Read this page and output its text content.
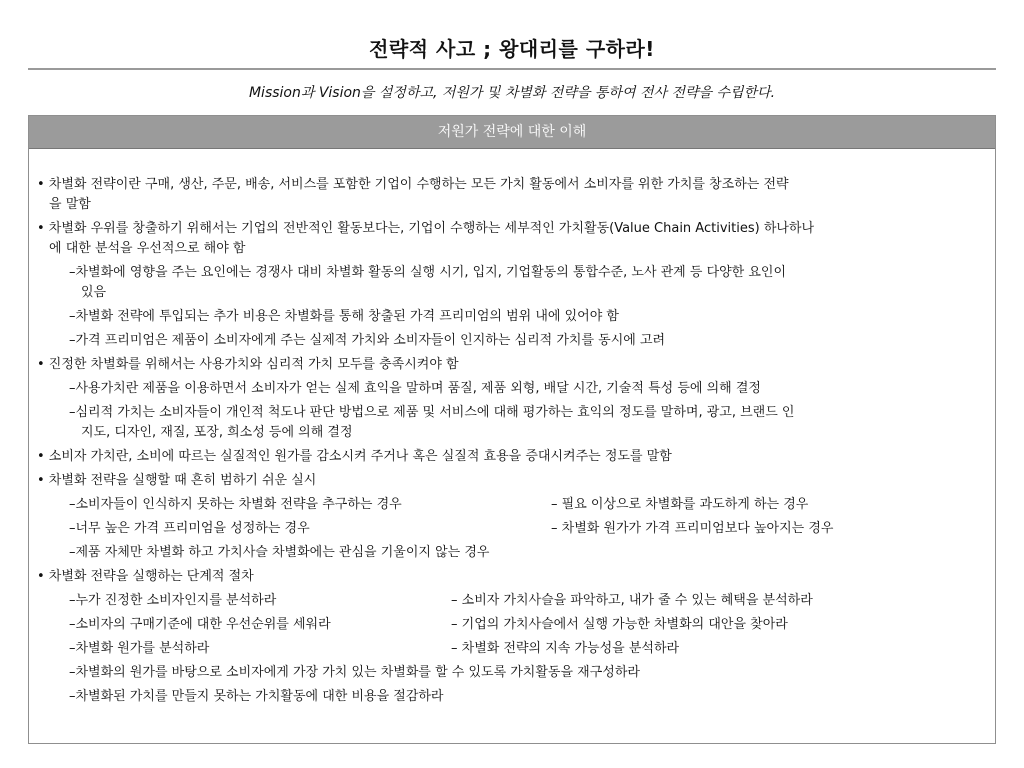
전략적 사고 ; 왕대리를 구하라!
Mission과 Vision을 설정하고, 저원가 및 차별화 전략을 통하여 전사 전략을 수립한다.
저원가 전략에 대한 이해
• 차별화 전략이란 구매, 생산, 주문, 배송, 서비스를 포함한 기업이 수행하는 모든 가치 활동에서 소비자를 위한 가치를 창조하는 전략
을 말함
• 차별화 우위를 창출하기 위해서는 기업의 전반적인 활동보다는, 기업이 수행하는 세부적인 가치활동(Value Chain Activities) 하나하나
에 대한 분석을 우선적으로 해야 함
–차별화에 영향을 주는 요인에는 경쟁사 대비 차별화 활동의 실행 시기, 입지, 기업활동의 통합수준, 노사 관계 등 다양한 요인이
있음
–차별화 전략에 투입되는 추가 비용은 차별화를 통해 창출된 가격 프리미엄의 범위 내에 있어야 함
–가격 프리미엄은 제품이 소비자에게 주는 실제적 가치와 소비자들이 인지하는 심리적 가치를 동시에 고려
• 진정한 차별화를 위해서는 사용가치와 심리적 가치 모두를 충족시켜야 함
–사용가치란 제품을 이용하면서 소비자가 얻는 실제 효익을 말하며 품질, 제품 외형, 배달 시간, 기술적 특성 등에 의해 결정
–심리적 가치는 소비자들이 개인적 척도나 판단 방법으로 제품 및 서비스에 대해 평가하는 효익의 정도를 말하며, 광고, 브랜드 인
지도, 디자인, 재질, 포장, 희소성 등에 의해 결정
• 소비자 가치란, 소비에 따르는 실질적인 원가를 감소시켜 주거나 혹은 실질적 효용을 증대시켜주는 정도를 말함
• 차별화 전략을 실행할 때 흔히 범하기 쉬운 실시
–소비자들이 인식하지 못하는 차별화 전략을 추구하는 경우	– 필요 이상으로 차별화를 과도하게 하는 경우
–너무 높은 가격 프리미엄을 성정하는 경우	– 차별화 원가가 가격 프리미엄보다 높아지는 경우
–제품 자체만 차별화 하고 가치사슬 차별화에는 관심을 기울이지 않는 경우
• 차별화 전략을 실행하는 단계적 절차
–누가 진정한 소비자인지를 분석하라	– 소비자 가치사슬을 파악하고, 내가 줄 수 있는 혜택을 분석하라
–소비자의 구매기준에 대한 우선순위를 세워라	– 기업의 가치사슬에서 실행 가능한 차별화의 대안을 찾아라
–차별화 원가를 분석하라	– 차별화 전략의 지속 가능성을 분석하라
–차별화의 원가를 바탕으로 소비자에게 가장 가치 있는 차별화를 할 수 있도록 가치활동을 재구성하라
–차별화된 가치를 만들지 못하는 가치활동에 대한 비용을 절감하라
